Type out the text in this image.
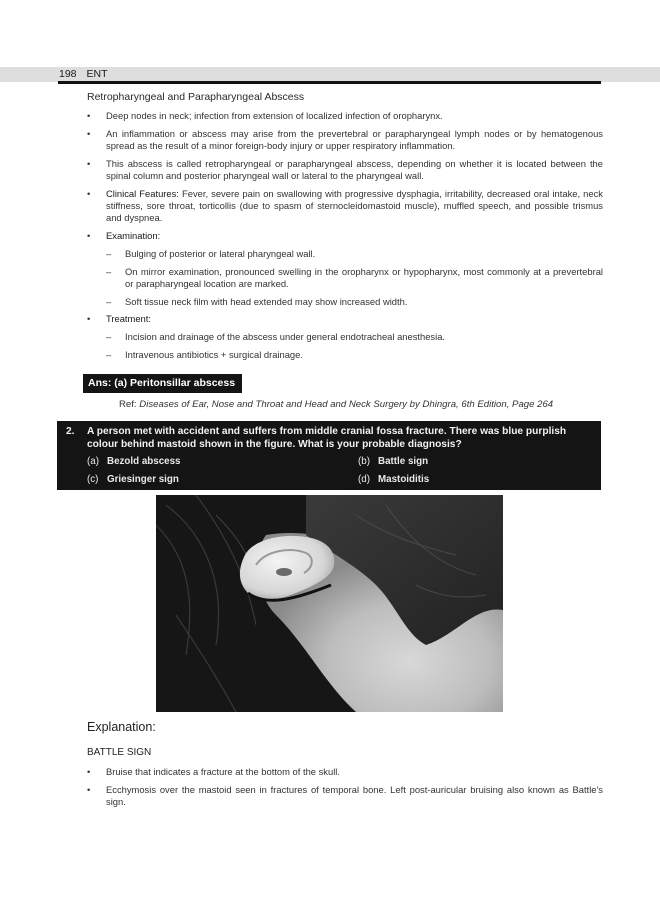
198 ENT
Retropharyngeal and Parapharyngeal Abscess
•	Deep nodes in neck; infection from extension of localized infection of oropharynx.
•	An inflammation or abscess may arise from the prevertebral or parapharyngeal lymph nodes or by hematogenous spread as the result of a minor foreign-body injury or upper respiratory inflammation.
•	This abscess is called retropharyngeal or parapharyngeal abscess, depending on whether it is located between the spinal column and posterior pharyngeal wall or lateral to the pharyngeal wall.
•	Clinical Features: Fever, severe pain on swallowing with progressive dysphagia, irritability, decreased oral intake, neck stiffness, sore throat, torticollis (due to spasm of sternocleidomastoid muscle), muffled speech, and possible trismus and dyspnea.
•	Examination:
–	Bulging of posterior or lateral pharyngeal wall.
–	On mirror examination, pronounced swelling in the oropharynx or hypopharynx, most commonly at a prevertebral or parapharyngeal location are marked.
–	Soft tissue neck film with head extended may show increased width.
•	Treatment:
–	Incision and drainage of the abscess under general endotracheal anesthesia.
–	Intravenous antibiotics + surgical drainage.
Ans: (a) Peritonsillar abscess
Ref: Diseases of Ear, Nose and Throat and Head and Neck Surgery by Dhingra, 6th Edition, Page 264
2. A person met with accident and suffers from middle cranial fossa fracture. There was blue purplish colour behind mastoid shown in the figure. What is your probable diagnosis?
(a) Bezold abscess	(b) Battle sign
(c) Griesinger sign	(d) Mastoiditis
Explanation:
BATTLE SIGN
•	Bruise that indicates a fracture at the bottom of the skull.
•	Ecchymosis over the mastoid seen in fractures of temporal bone. Left post-auricular bruising also known as Battle's sign.
